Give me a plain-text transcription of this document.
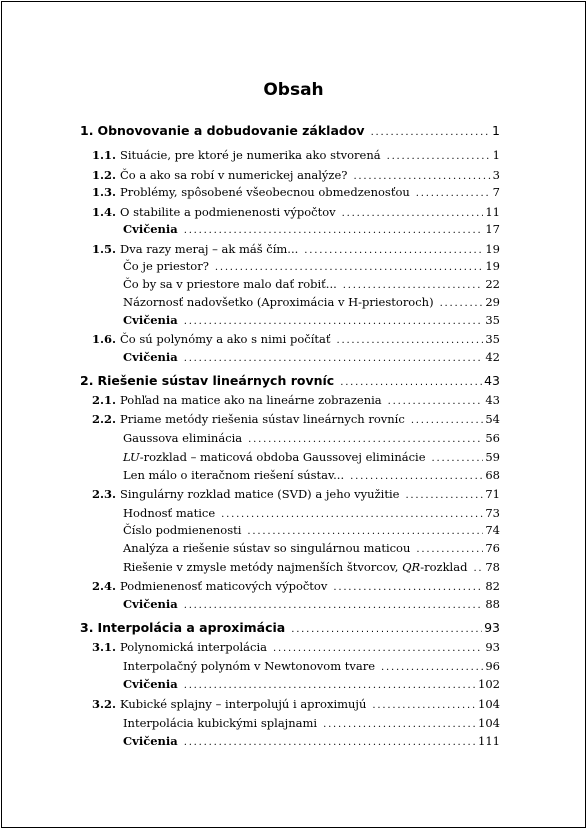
Obsah
1. Obnovovanie a dobudovanie základov .....	1
1.1. Situácie, pre ktoré je numerika ako stvorená .....	1
1.2. Čo a ako sa robí v numerickej analýze? .....	3
1.3. Problémy, spôsobené všeobecnou obmedzenosťou .....	7
1.4. O stabilite a podmienenosti výpočtov .....	11
Cvičenia .....	17
1.5. Dva razy meraj – ak máš čím... .....	19
Čo je priestor? .....	19
Čo by sa v priestore malo dať robiť... .....	22
Názornosť nadovšetko (Aproximácia v H-priestoroch) .....	29
Cvičenia .....	35
1.6. Čo sú polynómy a ako s nimi počítať .....	35
Cvičenia .....	42
2. Riešenie sústav lineárnych rovníc .....	43
2.1. Pohľad na matice ako na lineárne zobrazenia .....	43
2.2. Priame metódy riešenia sústav lineárnych rovníc .....	54
Gaussova eliminácia .....	56
LU-rozklad – maticová obdoba Gaussovej eliminácie .....	59
Len málo o iteračnom riešení sústav... .....	68
2.3. Singulárny rozklad matice (SVD) a jeho využitie .....	71
Hodnosť matice .....	73
Číslo podmienenosti .....	74
Analýza a riešenie sústav so singulárnou maticou .....	76
Riešenie v zmysle metódy najmenších štvorcov, QR-rozklad ..... 78
2.4. Podmienenosť maticových výpočtov .....	82
Cvičenia .....	88
3. Interpolácia a aproximácia .....	93
3.1. Polynomická interpolácia .....	93
Interpolačný polynóm v Newtonovom tvare .....	96
Cvičenia .....	102
3.2. Kubické splajny – interpolujú i aproximujú .....	104
Interpolácia kubickými splajnami .....	104
Cvičenia .....	111
